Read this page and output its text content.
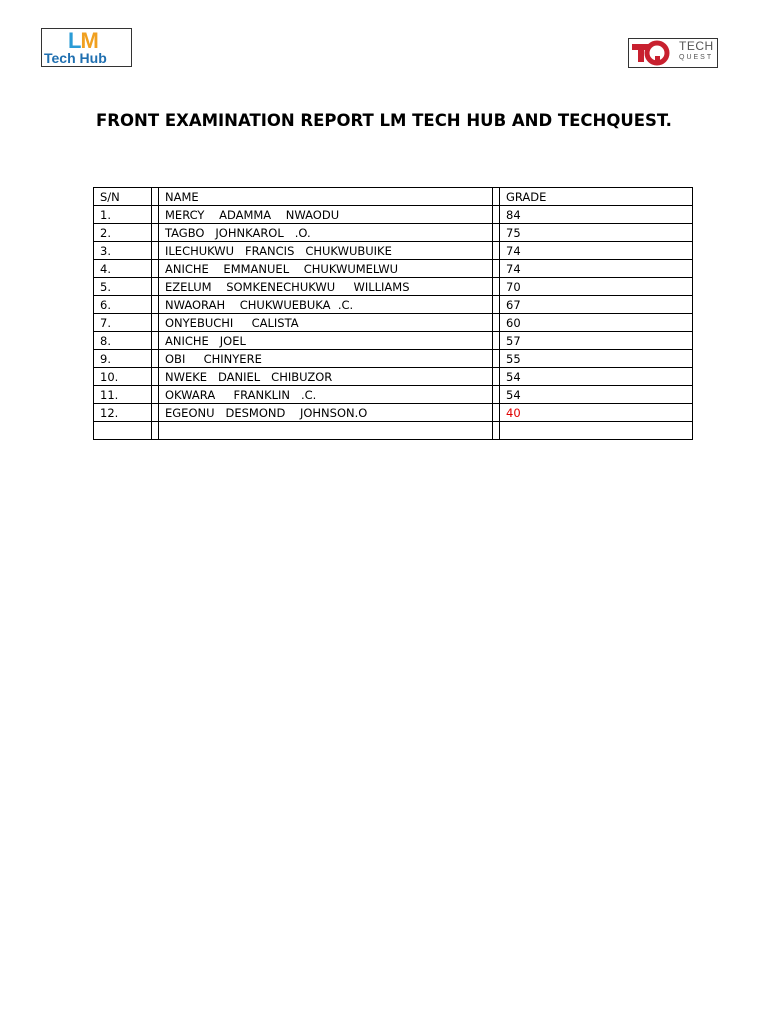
LM
Tech Hub
TECH
QUEST
FRONT EXAMINATION REPORT LM TECH HUB AND TECHQUEST.
S/N		NAME		GRADE
1.		MERCY    ADAMMA    NWAODU		84
2.		TAGBO   JOHNKAROL   .O.		75
3.		ILECHUKWU   FRANCIS   CHUKWUBUIKE		74
4.		ANICHE    EMMANUEL    CHUKWUMELWU		74
5.		EZELUM    SOMKENECHUKWU     WILLIAMS		70
6.		NWAORAH    CHUKWUEBUKA  .C.		67
7.		ONYEBUCHI     CALISTA		60
8.		ANICHE   JOEL		57
9.		OBI     CHINYERE		55
10.		NWEKE   DANIEL   CHIBUZOR		54
11.		OKWARA     FRANKLIN   .C.		54
12.		EGEONU   DESMOND    JOHNSON.O		40
